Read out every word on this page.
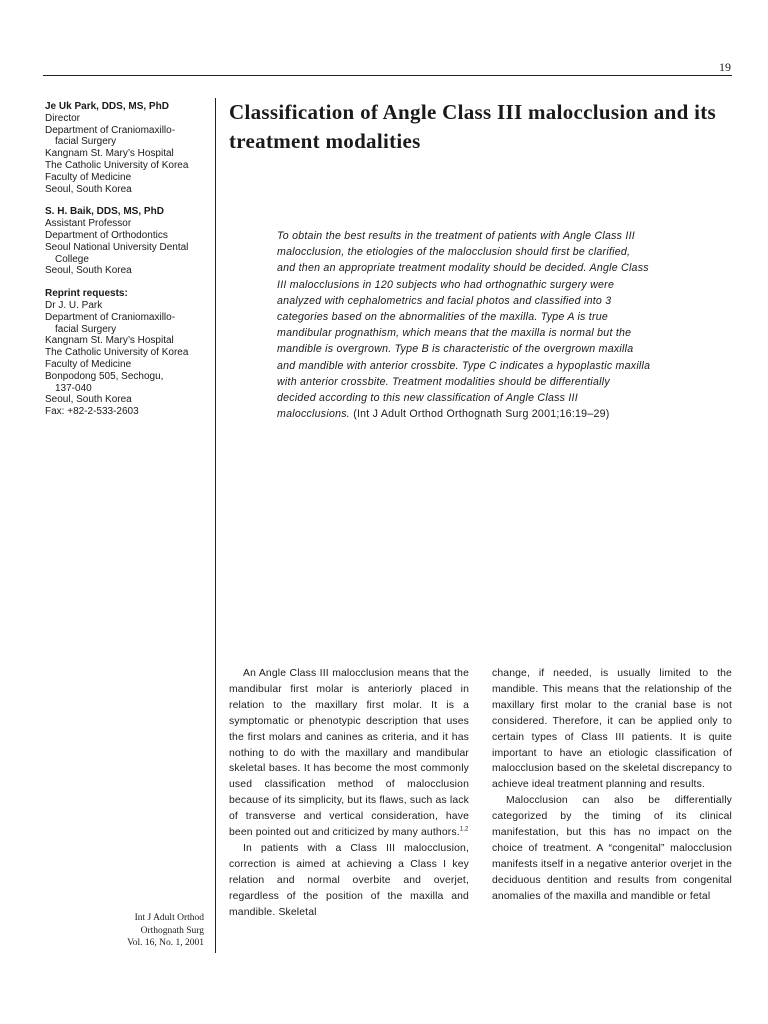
19
Je Uk Park, DDS, MS, PhD
Director
Department of Craniomaxillo-
facial Surgery
Kangnam St. Mary’s Hospital
The Catholic University of Korea
Faculty of Medicine
Seoul, South Korea
S. H. Baik, DDS, MS, PhD
Assistant Professor
Department of Orthodontics
Seoul National University Dental
College
Seoul, South Korea
Reprint requests:
Dr J. U. Park
Department of Craniomaxillo-
facial Surgery
Kangnam St. Mary’s Hospital
The Catholic University of Korea
Faculty of Medicine
Bonpodong 505, Sechogu,
137-040
Seoul, South Korea
Fax: +82-2-533-2603
Int J Adult Orthod
Orthognath Surg
Vol. 16, No. 1, 2001
Classification of Angle Class III malocclusion and its treatment modalities
To obtain the best results in the treatment of patients with Angle Class III malocclusion, the etiologies of the malocclusion should first be clarified, and then an appropriate treatment modality should be decided. Angle Class III malocclusions in 120 subjects who had orthognathic surgery were analyzed with cephalometrics and facial photos and classified into 3 categories based on the abnormalities of the maxilla. Type A is true mandibular prognathism, which means that the maxilla is normal but the mandible is overgrown. Type B is characteristic of the overgrown maxilla and mandible with anterior crossbite. Type C indicates a hypoplastic maxilla with anterior crossbite. Treatment modalities should be differentially decided according to this new classification of Angle Class III malocclusions. (Int J Adult Orthod Orthognath Surg 2001;16:19–29)

An Angle Class III malocclusion means that the mandibular first molar is anteriorly placed in relation to the maxillary first molar. It is a symptomatic or phenotypic description that uses the first molars and canines as criteria, and it has nothing to do with the maxillary and mandibular skeletal bases. It has become the most commonly used classification method of malocclusion because of its simplicity, but its flaws, such as lack of transverse and vertical consideration, have been pointed out and criticized by many authors.$^{1,2}$

In patients with a Class III malocclusion, correction is aimed at achieving a Class I key relation and normal overbite and overjet, regardless of the position of the maxilla and mandible. Skeletal

change, if needed, is usually limited to the mandible. This means that the relationship of the maxillary first molar to the cranial base is not considered. Therefore, it can be applied only to certain types of Class III patients. It is quite important to have an etiologic classification of malocclusion based on the skeletal discrepancy to achieve ideal treatment planning and results.

Malocclusion can also be differentially categorized by the timing of its clinical manifestation, but this has no impact on the choice of treatment. A “congenital” malocclusion manifests itself in a negative anterior overjet in the deciduous dentition and results from congenital anomalies of the maxilla and mandible or fetal
